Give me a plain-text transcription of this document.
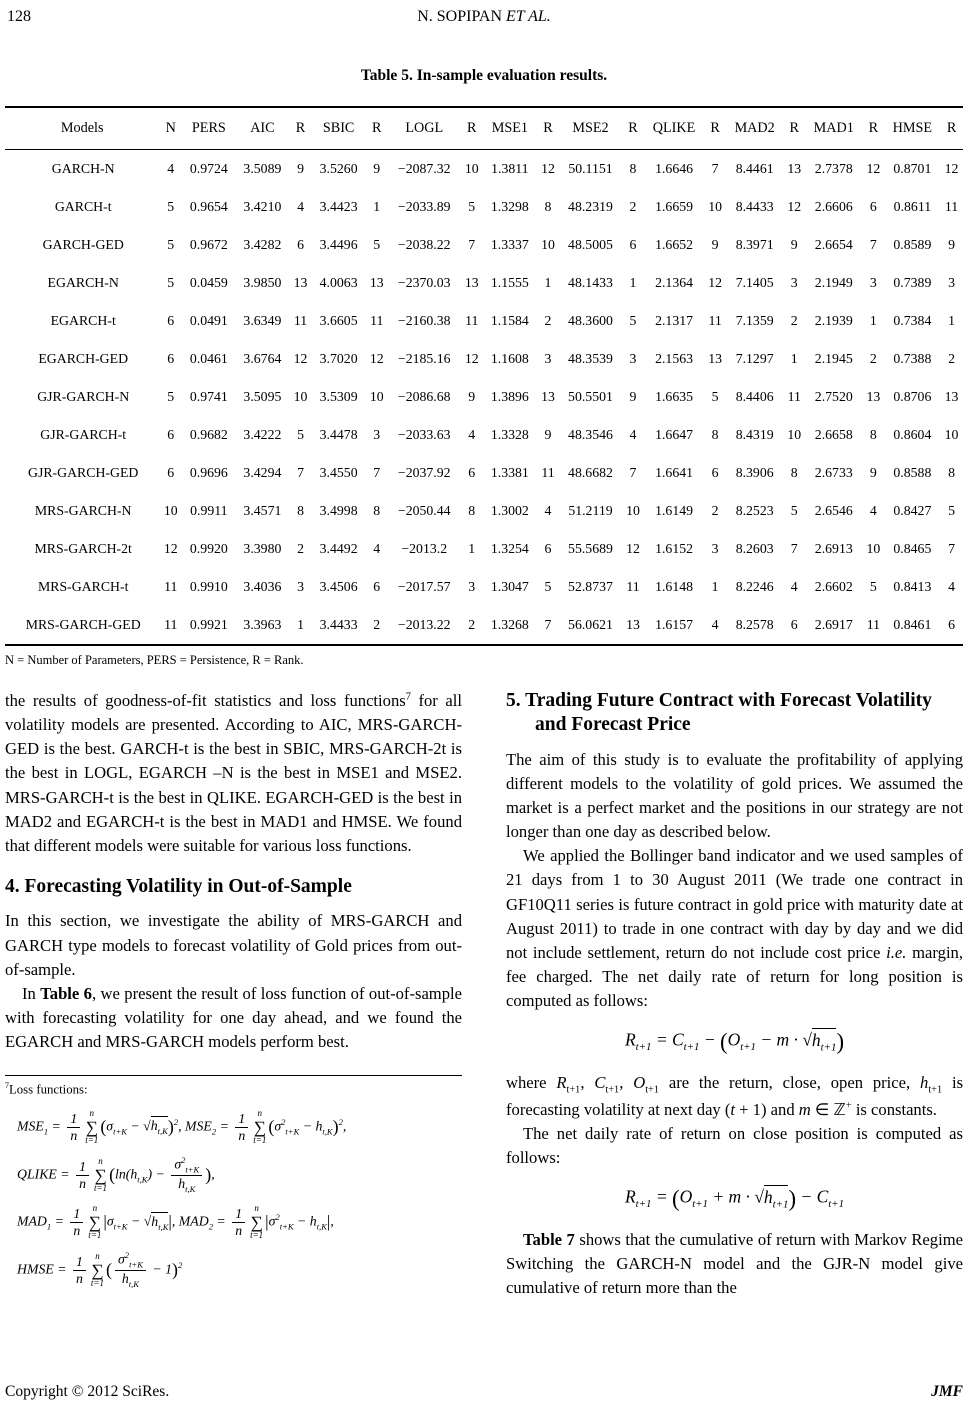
128	N. SOPIPAN ET AL.
Table 5. In-sample evaluation results.
Models	N	PERS	AIC	R	SBIC	R	LOGL	R	MSE1	R	MSE2	R	QLIKE	R	MAD2	R	MAD1	R	HMSE	R
GARCH-N	4	0.9724	3.5089	9	3.5260	9	−2087.32	10	1.3811	12	50.1151	8	1.6646	7	8.4461	13	2.7378	12	0.8701	12
GARCH-t	5	0.9654	3.4210	4	3.4423	1	−2033.89	5	1.3298	8	48.2319	2	1.6659	10	8.4433	12	2.6606	6	0.8611	11
GARCH-GED	5	0.9672	3.4282	6	3.4496	5	−2038.22	7	1.3337	10	48.5005	6	1.6652	9	8.3971	9	2.6654	7	0.8589	9
EGARCH-N	5	0.0459	3.9850	13	4.0063	13	−2370.03	13	1.1555	1	48.1433	1	2.1364	12	7.1405	3	2.1949	3	0.7389	3
EGARCH-t	6	0.0491	3.6349	11	3.6605	11	−2160.38	11	1.1584	2	48.3600	5	2.1317	11	7.1359	2	2.1939	1	0.7384	1
EGARCH-GED	6	0.0461	3.6764	12	3.7020	12	−2185.16	12	1.1608	3	48.3539	3	2.1563	13	7.1297	1	2.1945	2	0.7388	2
GJR-GARCH-N	5	0.9741	3.5095	10	3.5309	10	−2086.68	9	1.3896	13	50.5501	9	1.6635	5	8.4406	11	2.7520	13	0.8706	13
GJR-GARCH-t	6	0.9682	3.4222	5	3.4478	3	−2033.63	4	1.3328	9	48.3546	4	1.6647	8	8.4319	10	2.6658	8	0.8604	10
GJR-GARCH-GED	6	0.9696	3.4294	7	3.4550	7	−2037.92	6	1.3381	11	48.6682	7	1.6641	6	8.3906	8	2.6733	9	0.8588	8
MRS-GARCH-N	10	0.9911	3.4571	8	3.4998	8	−2050.44	8	1.3002	4	51.2119	10	1.6149	2	8.2523	5	2.6546	4	0.8427	5
MRS-GARCH-2t	12	0.9920	3.3980	2	3.4492	4	−2013.2	1	1.3254	6	55.5689	12	1.6152	3	8.2603	7	2.6913	10	0.8465	7
MRS-GARCH-t	11	0.9910	3.4036	3	3.4506	6	−2017.57	3	1.3047	5	52.8737	11	1.6148	1	8.2246	4	2.6602	5	0.8413	4
MRS-GARCH-GED	11	0.9921	3.3963	1	3.4433	2	−2013.22	2	1.3268	7	56.0621	13	1.6157	4	8.2578	6	2.6917	11	0.8461	6
N = Number of Parameters, PERS = Persistence, R = Rank.

the results of goodness-of-fit statistics and loss functions$^7$ for all volatility models are presented. According to AIC, MRS-GARCH-GED is the best. GARCH-t is the best in SBIC, MRS-GARCH-2t is the best in LOGL, EGARCH –N is the best in MSE1 and MSE2. MRS-GARCH-t is the best in QLIKE. EGARCH-GED is the best in MAD2 and EGARCH-t is the best in MAD1 and HMSE. We found that different models were suitable for various loss functions.

4. Forecasting Volatility in Out-of-Sample

In this section, we investigate the ability of MRS-GARCH and GARCH type models to forecast volatility of Gold prices from out-of-sample.

In Table 6, we present the result of loss function of out-of-sample with forecasting volatility for one day ahead, and we found the EGARCH and MRS-GARCH models perform best.

$^7$Loss functions:

$MSE_1 = \frac{1}{n}$ n
∑
t=1
$(\sigma_{t+K} - √h_{t,K})^2$, $MSE_2 = \frac{1}{n}$ n
∑
t=1
$(\sigma^2_{t+K} - h_{t,K})^2$,
QLIKE = $\frac{1}{n}$ n
∑
t=1
($\ln(h_{t,K}) - \frac{\sigma^2_{t+K}}{h_{t,K}}$ ),
$MAD_1 = \frac{1}{n}$ n
∑
t=1
$|\sigma_{t+K} - √h_{t,K}|$, $MAD_2 = \frac{1}{n}$ n
∑
t=1
$|\sigma^2_{t+K} - h_{t,K}|$,
HMSE = $\frac{1}{n}$ n
∑
t=1
( $\frac{\sigma^2_{t+K}}{h_{t,K}} - 1)^2$
5. Trading Future Contract with Forecast Volatility and Forecast Price

The aim of this study is to evaluate the profitability of applying different models to the volatility of gold prices. We assumed the market is a perfect market and the positions in our strategy are not longer than one day as described below.

We applied the Bollinger band indicator and we used samples of 21 days from 1 to 30 August 2011 (We trade one contract in GF10Q11 series is future contract in gold price with maturity date at August 2011) to trade in one contract with day by day and we did not include settlement, return do not include cost price i.e. margin, fee charged. The net daily rate of return for long position is computed as follows:

$R_{t+1} = C_{t+1} - (O_{t+1} - m \cdot √h_{t+1})$

where $R_{t+1}$, $C_{t+1}$, $O_{t+1}$ are the return, close, open price, $h_{t+1}$ is forecasting volatility at next day (t + 1) and m ∈ ℤ+ is constants.

The net daily rate of return on close position is computed as follows:

$R_{t+1} = (O_{t+1} + m \cdot √h_{t+1}) - C_{t+1}$

Table 7 shows that the cumulative of return with Markov Regime Switching the GARCH-N model and the GJR-N model give cumulative of return more than the

Copyright © 2012 SciRes.	JMF
